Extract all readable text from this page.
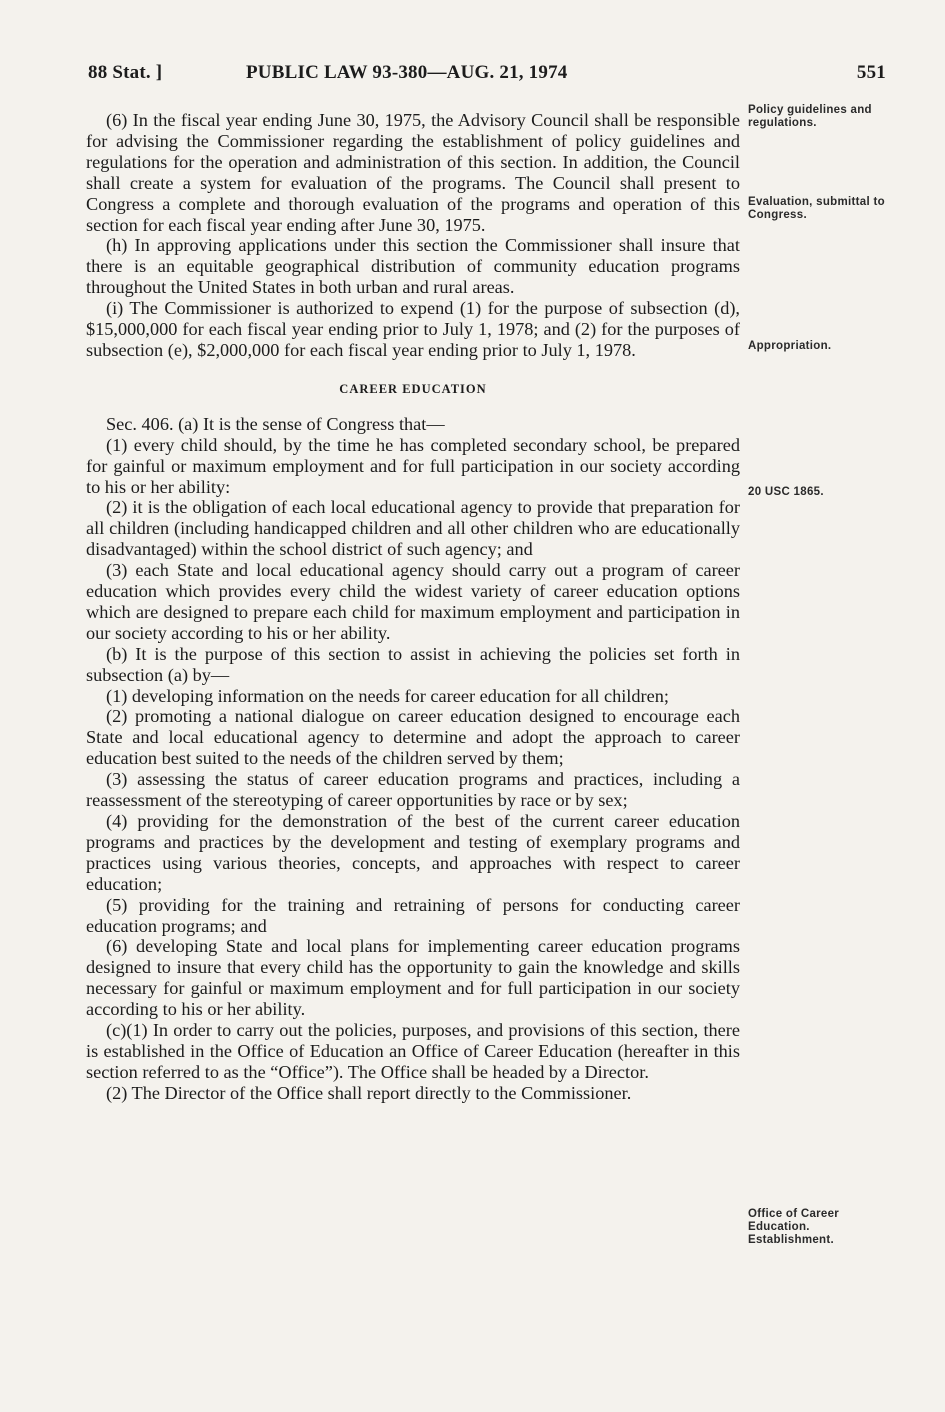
88 Stat. ]	PUBLIC LAW 93-380—AUG. 21, 1974	551

(6) In the fiscal year ending June 30, 1975, the Advisory Council shall be responsible for advising the Commissioner regarding the establishment of policy guidelines and regulations for the operation and administration of this section. In addition, the Council shall create a system for evaluation of the programs. The Council shall present to Congress a complete and thorough evaluation of the programs and operation of this section for each fiscal year ending after June 30, 1975.

(h) In approving applications under this section the Commissioner shall insure that there is an equitable geographical distribution of community education programs throughout the United States in both urban and rural areas.

(i) The Commissioner is authorized to expend (1) for the purpose of subsection (d), $15,000,000 for each fiscal year ending prior to July 1, 1978; and (2) for the purposes of subsection (e), $2,000,000 for each fiscal year ending prior to July 1, 1978.

CAREER EDUCATION

Sec. 406. (a) It is the sense of Congress that—

(1) every child should, by the time he has completed secondary school, be prepared for gainful or maximum employment and for full participation in our society according to his or her ability:

(2) it is the obligation of each local educational agency to provide that preparation for all children (including handicapped children and all other children who are educationally disadvantaged) within the school district of such agency; and

(3) each State and local educational agency should carry out a program of career education which provides every child the widest variety of career education options which are designed to prepare each child for maximum employment and participation in our society according to his or her ability.

(b) It is the purpose of this section to assist in achieving the policies set forth in subsection (a) by—

(1) developing information on the needs for career education for all children;

(2) promoting a national dialogue on career education designed to encourage each State and local educational agency to determine and adopt the approach to career education best suited to the needs of the children served by them;

(3) assessing the status of career education programs and practices, including a reassessment of the stereotyping of career opportunities by race or by sex;

(4) providing for the demonstration of the best of the current career education programs and practices by the development and testing of exemplary programs and practices using various theories, concepts, and approaches with respect to career education;

(5) providing for the training and retraining of persons for conducting career education programs; and

(6) developing State and local plans for implementing career education programs designed to insure that every child has the opportunity to gain the knowledge and skills necessary for gainful or maximum employment and for full participation in our society according to his or her ability.

(c)(1) In order to carry out the policies, purposes, and provisions of this section, there is established in the Office of Education an Office of Career Education (hereafter in this section referred to as the “Office”). The Office shall be headed by a Director.

(2) The Director of the Office shall report directly to the Commissioner.

Policy guidelines and regulations.
Evaluation, submittal to Congress.
Appropriation.
20 USC 1865.
Office of Career Education. Establishment.
